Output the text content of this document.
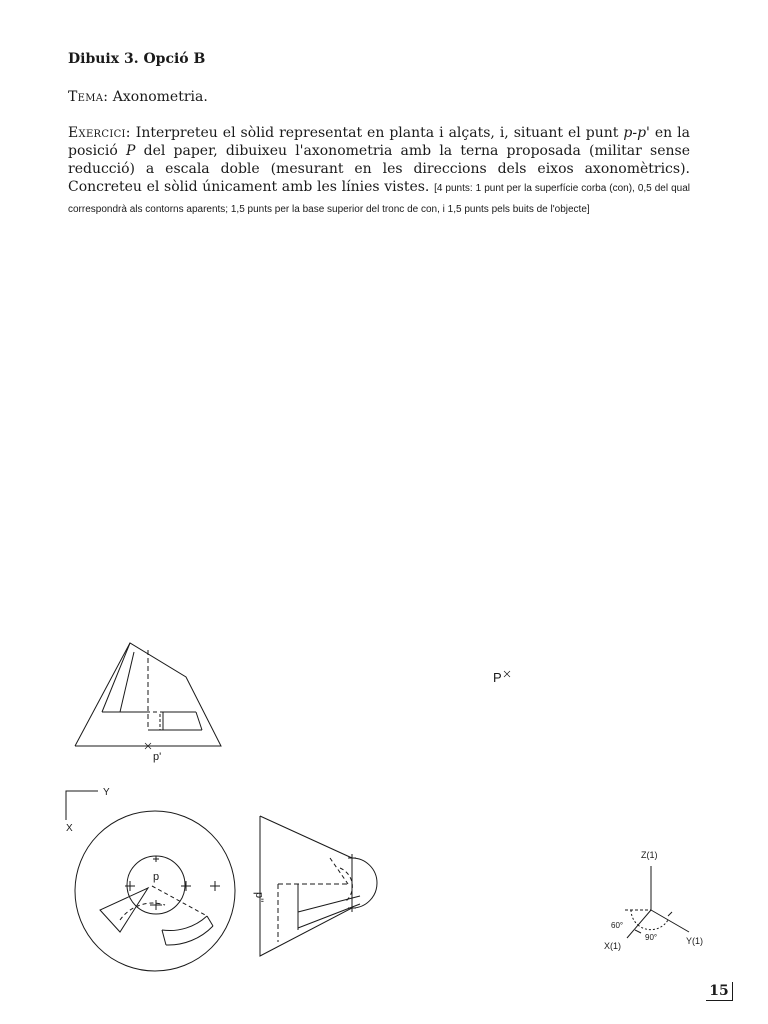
Dibuix 3. Opció B
Tema: Axonometria.
Exercici: Interpreteu el sòlid representat en planta i alçats, i, situant el punt p-p' en la posició P del paper, dibuixeu l'axonometria amb la terna proposada (militar sense reducció) a escala doble (mesurant en les direccions dels eixos axonomètrics). Concreteu el sòlid únicament amb les línies vistes. [4 punts: 1 punt per la superfície corba (con), 0,5 del qual correspondrà als contorns aparents; 1,5 punts per la base superior del tronc de con, i 1,5 punts pels buits de l'objecte]
p'
P
Y
X
p
p''
Z(1)
X(1)	Y(1)
60°
90°
15
